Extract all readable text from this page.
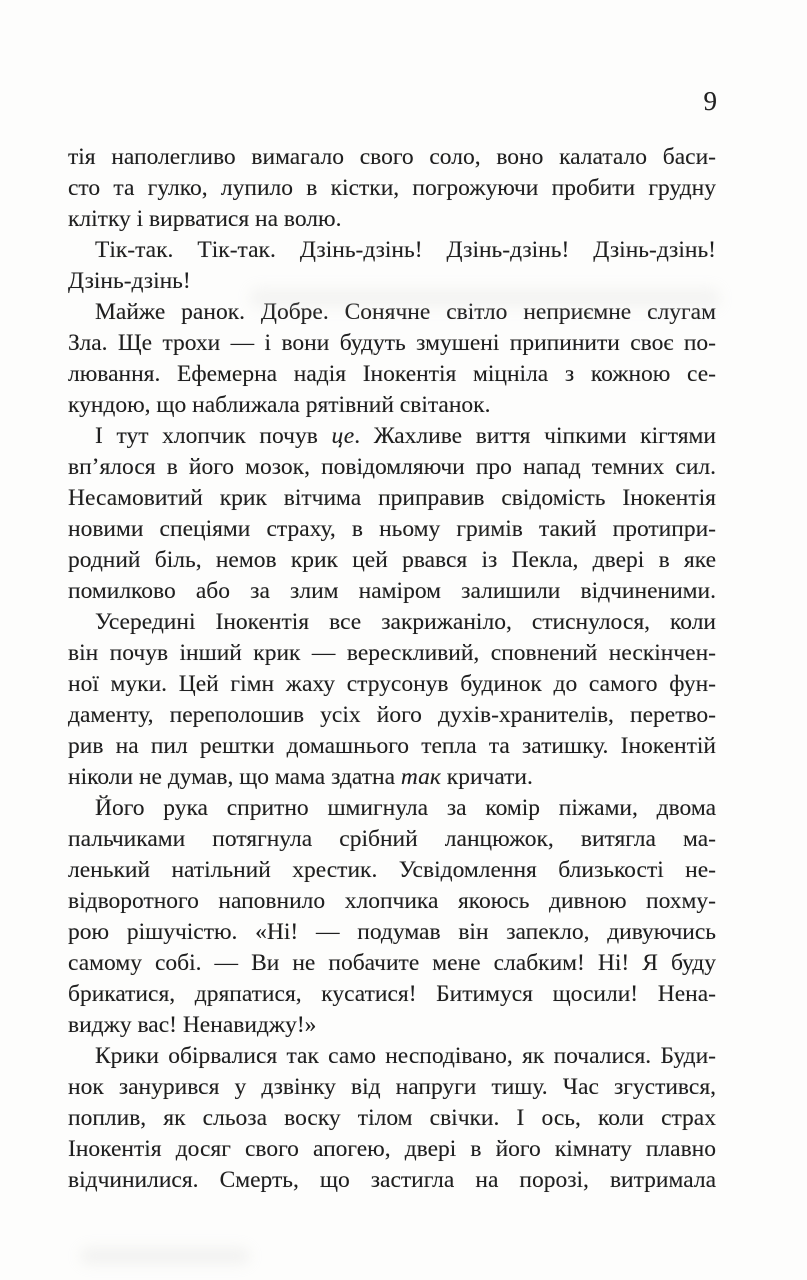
9
тія наполегливо вимагало свого соло, воно калатало баси-
сто та гулко, лупило в кістки, погрожуючи пробити грудну
клітку і вирватися на волю.
Тік-так. Тік-так. Дзінь-дзінь! Дзінь-дзінь! Дзінь-дзінь!
Дзінь-дзінь!
Майже ранок. Добре. Сонячне світло неприємне слугам
Зла. Ще трохи — і вони будуть змушені припинити своє по-
лювання. Ефемерна надія Інокентія міцніла з кожною се-
кундою, що наближала рятівний світанок.
І тут хлопчик почув це. Жахливе виття чіпкими кігтями
вп’ялося в його мозок, повідомляючи про напад темних сил.
Несамовитий крик вітчима приправив свідомість Інокентія
новими спеціями страху, в ньому гримів такий протипри-
родний біль, немов крик цей рвався із Пекла, двері в яке
помилково або за злим наміром залишили відчиненими.
Усередині Інокентія все закрижаніло, стиснулося, коли
він почув інший крик — верескливий, сповнений нескінчен-
ної муки. Цей гімн жаху струсонув будинок до самого фун-
даменту, переполошив усіх його духів-хранителів, перетво-
рив на пил рештки домашнього тепла та затишку. Інокентій
ніколи не думав, що мама здатна так кричати.
Його рука спритно шмигнула за комір піжами, двома
пальчиками потягнула срібний ланцюжок, витягла ма-
ленький натільний хрестик. Усвідомлення близькості не-
відворотного наповнило хлопчика якоюсь дивною похму-
рою рішучістю. «Ні! — подумав він запекло, дивуючись
самому собі. — Ви не побачите мене слабким! Ні! Я буду
брикатися, дряпатися, кусатися! Битимуся щосили! Нена-
виджу вас! Ненавиджу!»
Крики обірвалися так само несподівано, як почалися. Буди-
нок занурився у дзвінку від напруги тишу. Час згустився,
поплив, як сльоза воску тілом свічки. І ось, коли страх
Інокентія досяг свого апогею, двері в його кімнату плавно
відчинилися. Смерть, що застигла на порозі, витримала
